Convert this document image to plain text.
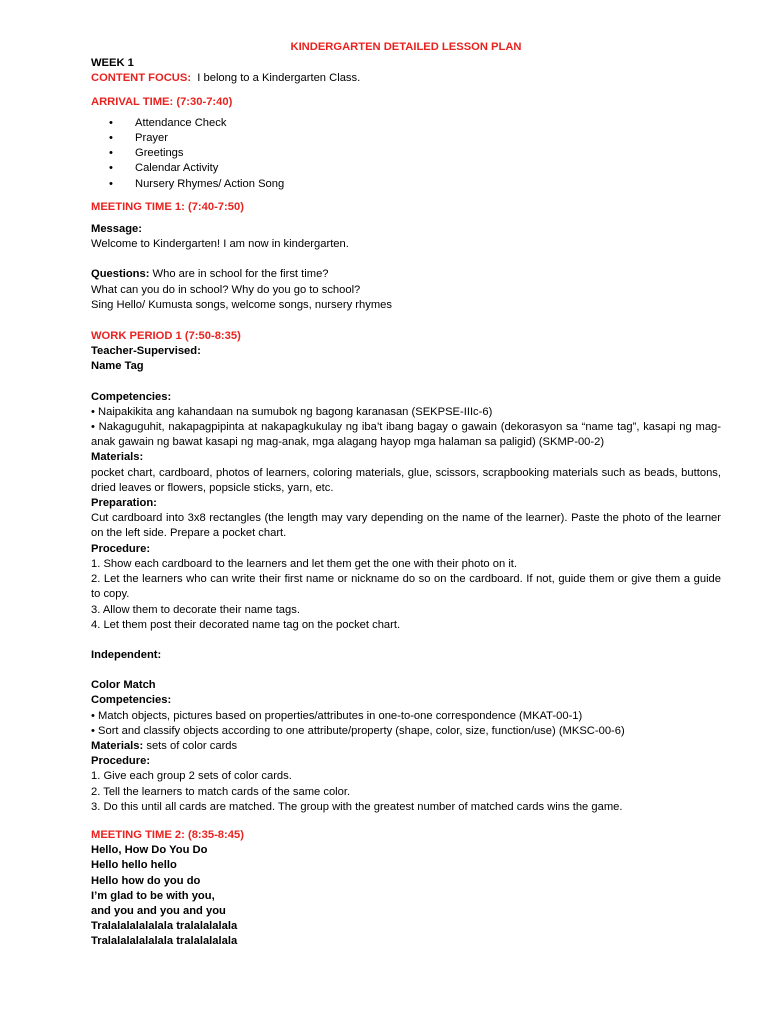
KINDERGARTEN DETAILED LESSON PLAN

WEEK 1

CONTENT FOCUS: I belong to a Kindergarten Class.

ARRIVAL TIME: (7:30-7:40)

• Attendance Check
• Prayer
• Greetings
• Calendar Activity
• Nursery Rhymes/ Action Song

MEETING TIME 1: (7:40-7:50)

Message:

Welcome to Kindergarten! I am now in kindergarten.

Questions: Who are in school for the first time?

What can you do in school? Why do you go to school?

Sing Hello/ Kumusta songs, welcome songs, nursery rhymes

WORK PERIOD 1 (7:50-8:35)

Teacher-Supervised:

Name Tag

Competencies:

• Naipakikita ang kahandaan na sumubok ng bagong karanasan (SEKPSE-IIIc-6)

• Nakaguguhit, nakapagpipinta at nakapagkukulay ng iba’t ibang bagay o gawain (dekorasyon sa “name tag”, kasapi ng mag-anak gawain ng bawat kasapi ng mag-anak, mga alagang hayop mga halaman sa paligid) (SKMP-00-2)

Materials:

pocket chart, cardboard, photos of learners, coloring materials, glue, scissors, scrapbooking materials such as beads, buttons, dried leaves or flowers, popsicle sticks, yarn, etc.

Preparation:

Cut cardboard into 3x8 rectangles (the length may vary depending on the name of the learner). Paste the photo of the learner on the left side. Prepare a pocket chart.

Procedure:

1. Show each cardboard to the learners and let them get the one with their photo on it.

2. Let the learners who can write their first name or nickname do so on the cardboard. If not, guide them or give them a guide to copy.

3. Allow them to decorate their name tags.

4. Let them post their decorated name tag on the pocket chart.

Independent:

Color Match

Competencies:

• Match objects, pictures based on properties/attributes in one-to-one correspondence (MKAT-00-1)

• Sort and classify objects according to one attribute/property (shape, color, size, function/use) (MKSC-00-6)

Materials: sets of color cards

Procedure:

1. Give each group 2 sets of color cards.

2. Tell the learners to match cards of the same color.

3. Do this until all cards are matched. The group with the greatest number of matched cards wins the game.

MEETING TIME 2: (8:35-8:45)

Hello, How Do You Do

Hello hello hello

Hello how do you do

I’m glad to be with you,

and you and you and you

Tralalalalalalala tralalalalala

Tralalalalalalala tralalalalala
